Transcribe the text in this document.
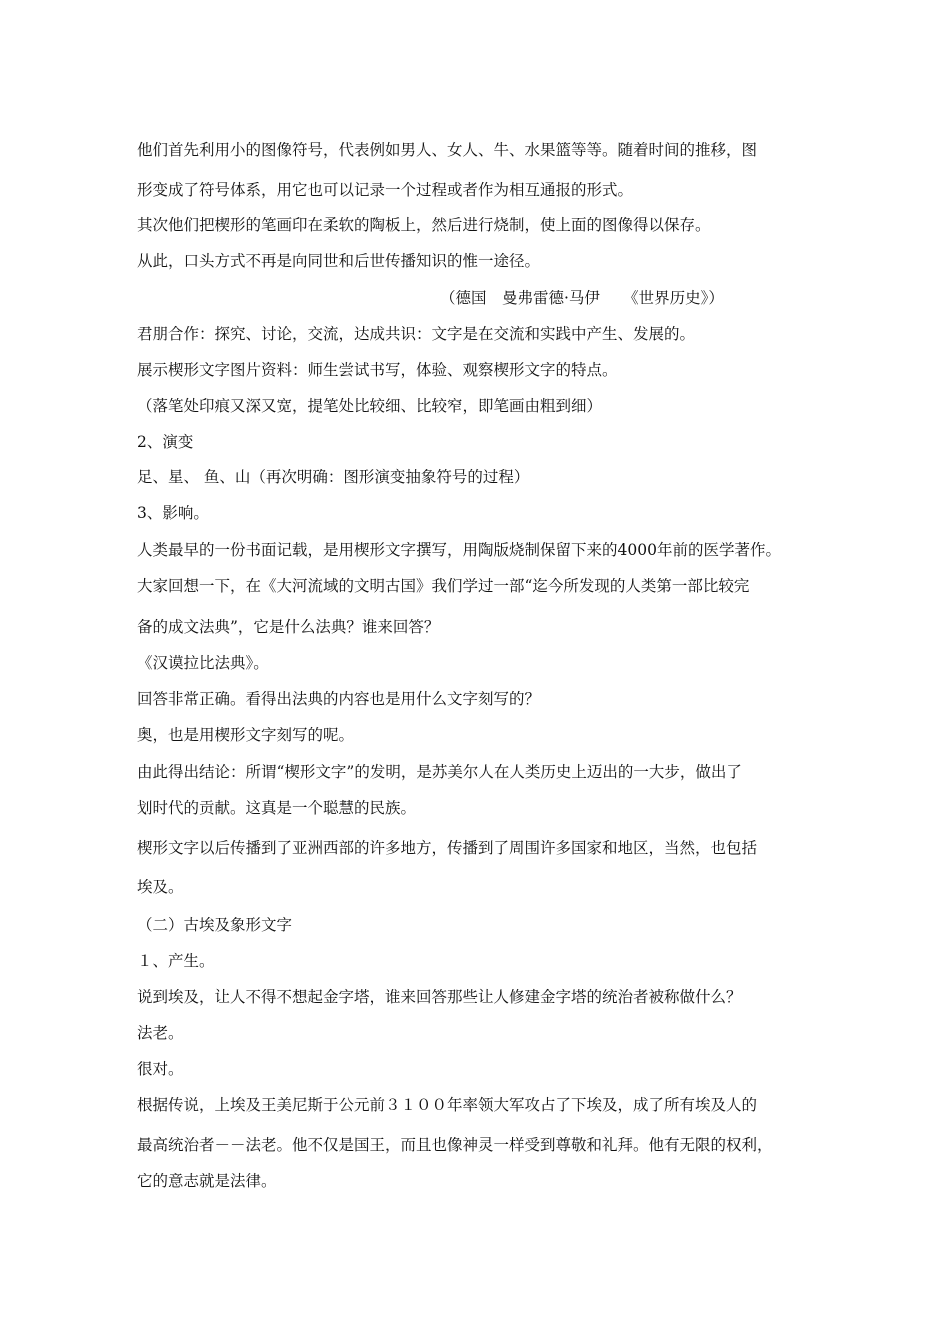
他们首先利用小的图像符号，代表例如男人、女人、牛、水果篮等等。随着时间的推移，图
形变成了符号体系，用它也可以记录一个过程或者作为相互通报的形式。
其次他们把楔形的笔画印在柔软的陶板上，然后进行烧制，使上面的图像得以保存。
从此，口头方式不再是向同世和后世传播知识的惟一途径。
（德国　曼弗雷德·马伊　　《世界历史》）
君朋合作：探究、讨论，交流，达成共识：文字是在交流和实践中产生、发展的。
展示楔形文字图片资料：师生尝试书写，体验、观察楔形文字的特点。
（落笔处印痕又深又宽，提笔处比较细、比较窄，即笔画由粗到细）
2、演变
足、星、 鱼、山（再次明确：图形演变抽象符号的过程）
3、影响。
人类最早的一份书面记载，是用楔形文字撰写，用陶版烧制保留下来的4000年前的医学著作。
大家回想一下，在《大河流域的文明古国》我们学过一部“迄今所发现的人类第一部比较完
备的成文法典”，它是什么法典？谁来回答？
《汉谟拉比法典》。
回答非常正确。看得出法典的内容也是用什么文字刻写的？
奥，也是用楔形文字刻写的呢。
由此得出结论：所谓“楔形文字”的发明，是苏美尔人在人类历史上迈出的一大步，做出了
划时代的贡献。这真是一个聪慧的民族。
楔形文字以后传播到了亚洲西部的许多地方，传播到了周围许多国家和地区，当然，也包括
埃及。
（二）古埃及象形文字
１、产生。
说到埃及，让人不得不想起金字塔，谁来回答那些让人修建金字塔的统治者被称做什么？
法老。
很对。
根据传说，上埃及王美尼斯于公元前３１００年率领大军攻占了下埃及，成了所有埃及人的
最高统治者－－法老。他不仅是国王，而且也像神灵一样受到尊敬和礼拜。他有无限的权利，
它的意志就是法律。
